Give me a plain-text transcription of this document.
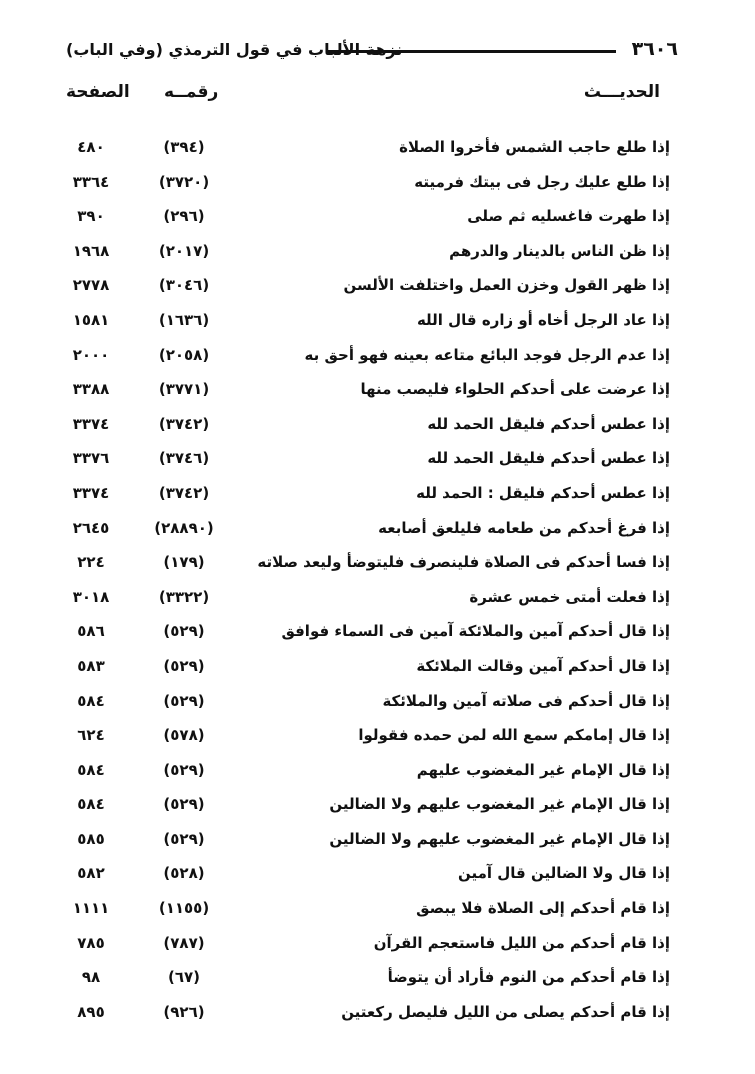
٣٦٠٦
نزهة الألباب في قول الترمذي (وفي الباب)
الحديـــث
رقمــه
الصفحة
إذا طلع حاجب الشمس فأخروا الصلاة
(٣٩٤)
٤٨٠
إذا طلع عليك رجل فى بيتك فرميته
(٣٧٢٠)
٣٣٦٤
إذا طهرت فاغسليه ثم صلى
(٢٩٦)
٣٩٠
إذا ظن الناس بالدينار والدرهم
(٢٠١٧)
١٩٦٨
إذا ظهر القول وخزن العمل واختلفت الألسن
(٣٠٤٦)
٢٧٧٨
إذا عاد الرجل أخاه أو زاره قال الله
(١٦٣٦)
١٥٨١
إذا عدم الرجل فوجد البائع متاعه بعينه فهو أحق به
(٢٠٥٨)
٢٠٠٠
إذا عرضت على أحدكم الحلواء فليصب منها
(٣٧٧١)
٣٣٨٨
إذا عطس أحدكم فليقل الحمد لله
(٣٧٤٢)
٣٣٧٤
إذا عطس أحدكم فليقل الحمد لله
(٣٧٤٦)
٣٣٧٦
إذا عطس أحدكم فليقل : الحمد لله
(٣٧٤٢)
٣٣٧٤
إذا فرغ أحدكم من طعامه فليلعق أصابعه
(٢٨٨٩٠)
٢٦٤٥
إذا فسا أحدكم فى الصلاة فلينصرف فليتوضأ وليعد صلاته
(١٧٩)
٢٢٤
إذا فعلت أمتى خمس عشرة
(٣٣٢٢)
٣٠١٨
إذا قال أحدكم آمين والملائكة آمين فى السماء فوافق
(٥٢٩)
٥٨٦
إذا قال أحدكم آمين وقالت الملائكة
(٥٢٩)
٥٨٣
إذا قال أحدكم فى صلاته آمين والملائكة
(٥٢٩)
٥٨٤
إذا قال إمامكم سمع الله لمن حمده فقولوا
(٥٧٨)
٦٢٤
إذا قال الإمام غير المغضوب عليهم
(٥٢٩)
٥٨٤
إذا قال الإمام غير المغضوب عليهم ولا الضالين
(٥٢٩)
٥٨٤
إذا قال الإمام غير المغضوب عليهم ولا الضالين
(٥٢٩)
٥٨٥
إذا قال ولا الضالين قال آمين
(٥٢٨)
٥٨٢
إذا قام أحدكم إلى الصلاة فلا يبصق
(١١٥٥)
١١١١
إذا قام أحدكم من الليل فاستعجم القرآن
(٧٨٧)
٧٨٥
إذا قام أحدكم من النوم فأراد أن يتوضأ
(٦٧)
٩٨
إذا قام أحدكم يصلى من الليل فليصل ركعتين
(٩٢٦)
٨٩٥
